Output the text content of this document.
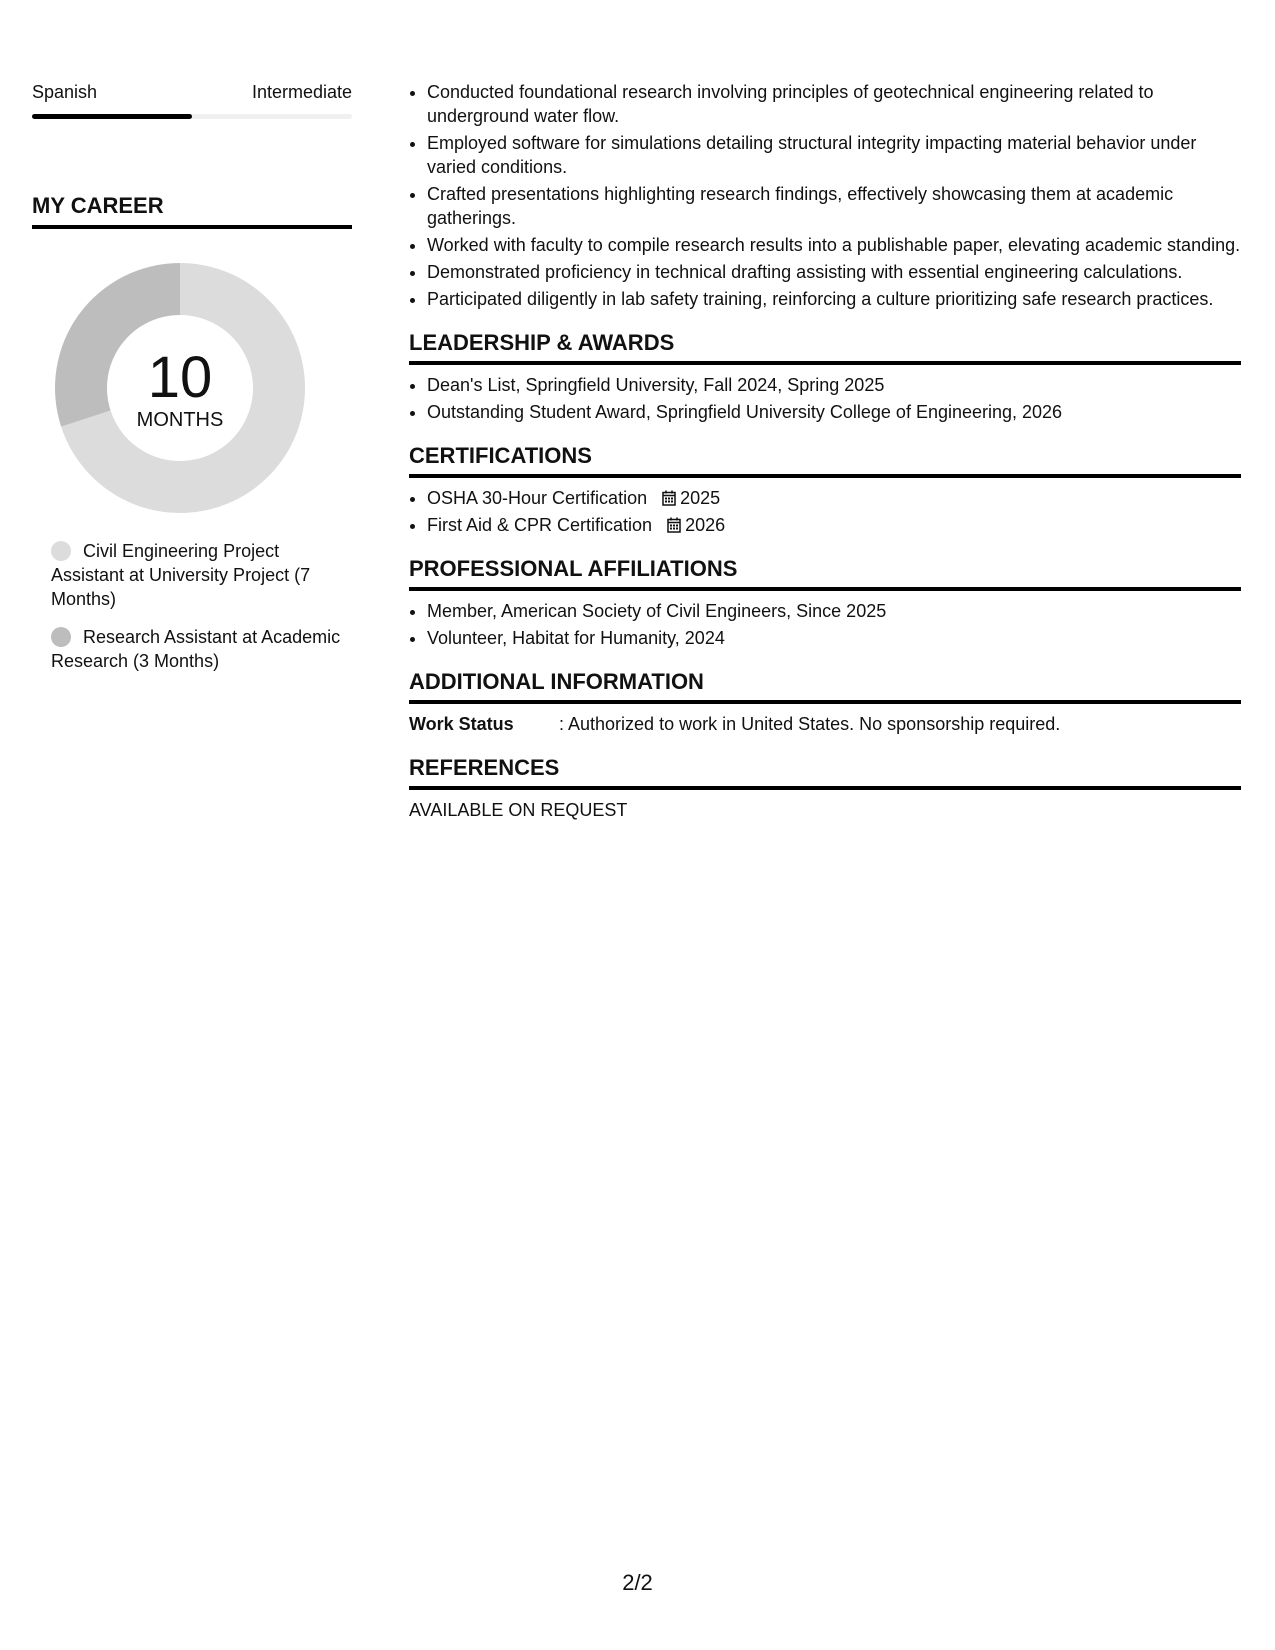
Spanish	Intermediate
MY CAREER
10
MONTHS
Civil Engineering Project Assistant at University Project (7 Months)
Research Assistant at Academic Research (3 Months)
• Conducted foundational research involving principles of geotechnical engineering related to underground water flow.
• Employed software for simulations detailing structural integrity impacting material behavior under varied conditions.
• Crafted presentations highlighting research findings, effectively showcasing them at academic gatherings.
• Worked with faculty to compile research results into a publishable paper, elevating academic standing.
• Demonstrated proficiency in technical drafting assisting with essential engineering calculations.
• Participated diligently in lab safety training, reinforcing a culture prioritizing safe research practices.
LEADERSHIP & AWARDS
• Dean's List, Springfield University, Fall 2024, Spring 2025
• Outstanding Student Award, Springfield University College of Engineering, 2026
CERTIFICATIONS
• OSHA 30-Hour Certification 2025
• First Aid & CPR Certification 2026
PROFESSIONAL AFFILIATIONS
• Member, American Society of Civil Engineers, Since 2025
• Volunteer, Habitat for Humanity, 2024
ADDITIONAL INFORMATION
Work Status	: Authorized to work in United States. No sponsorship required.
REFERENCES
AVAILABLE ON REQUEST
2/2
